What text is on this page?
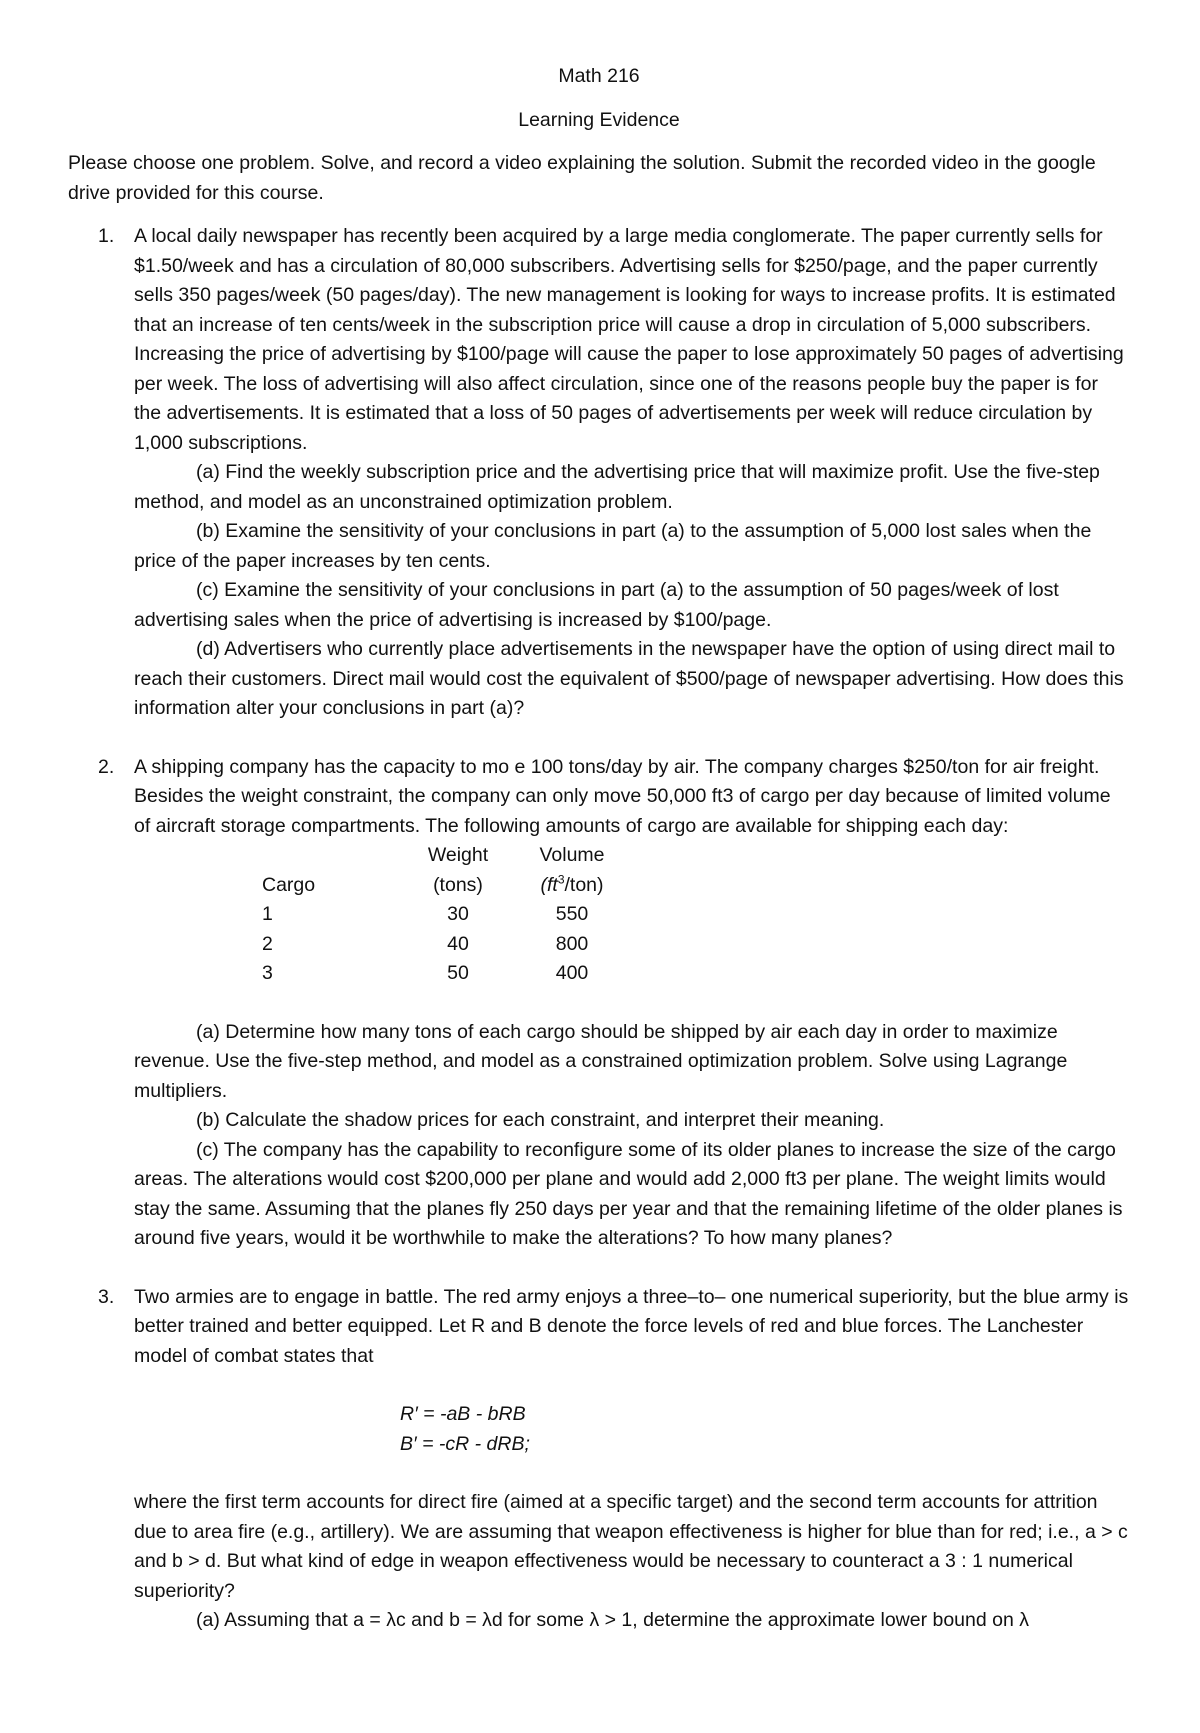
Math 216

Learning Evidence

Please choose one problem. Solve, and record a video explaining the solution. Submit the recorded video in the google drive provided for this course.

1. A local daily newspaper has recently been acquired by a large media conglomerate. The paper currently sells for $1.50/week and has a circulation of 80,000 subscribers. Advertising sells for $250/page, and the paper currently sells 350 pages/week (50 pages/day). The new management is looking for ways to increase profits. It is estimated that an increase of ten cents/week in the subscription price will cause a drop in circulation of 5,000 subscribers. Increasing the price of advertising by $100/page will cause the paper to lose approximately 50 pages of advertising per week. The loss of advertising will also affect circulation, since one of the reasons people buy the paper is for the advertisements. It is estimated that a loss of 50 pages of advertisements per week will reduce circulation by 1,000 subscriptions.

(a) Find the weekly subscription price and the advertising price that will maximize profit. Use the five-step method, and model as an unconstrained optimization problem.

(b) Examine the sensitivity of your conclusions in part (a) to the assumption of 5,000 lost sales when the price of the paper increases by ten cents.

(c) Examine the sensitivity of your conclusions in part (a) to the assumption of 50 pages/week of lost advertising sales when the price of advertising is increased by $100/page.

(d) Advertisers who currently place advertisements in the newspaper have the option of using direct mail to reach their customers. Direct mail would cost the equivalent of $500/page of newspaper advertising. How does this information alter your conclusions in part (a)?

2. A shipping company has the capacity to mo e 100 tons/day by air. The company charges $250/ton for air freight. Besides the weight constraint, the company can only move 50,000 ft3 of cargo per day because of limited volume of aircraft storage compartments. The following amounts of cargo are available for shipping each day:

	Weight	Volume
Cargo	(tons)	$(ft^3/ton)$
1	30	550
2	40	800
3	50	400

(a) Determine how many tons of each cargo should be shipped by air each day in order to maximize revenue. Use the five-step method, and model as a constrained optimization problem. Solve using Lagrange multipliers.

(b) Calculate the shadow prices for each constraint, and interpret their meaning.

(c) The company has the capability to reconfigure some of its older planes to increase the size of the cargo areas. The alterations would cost $200,000 per plane and would add 2,000 ft3 per plane. The weight limits would stay the same. Assuming that the planes fly 250 days per year and that the remaining lifetime of the older planes is around five years, would it be worthwhile to make the alterations? To how many planes?

3. Two armies are to engage in battle. The red army enjoys a three–to– one numerical superiority, but the blue army is better trained and better equipped. Let R and B denote the force levels of red and blue forces. The Lanchester model of combat states that

R′ = -aB - bRB

B′ = -cR - dRB;

where the first term accounts for direct fire (aimed at a specific target) and the second term accounts for attrition due to area fire (e.g., artillery). We are assuming that weapon effectiveness is higher for blue than for red; i.e., a > c and b > d. But what kind of edge in weapon effectiveness would be necessary to counteract a 3 : 1 numerical superiority?

(a) Assuming that a = λc and b = λd for some λ > 1, determine the approximate lower bound on λ
